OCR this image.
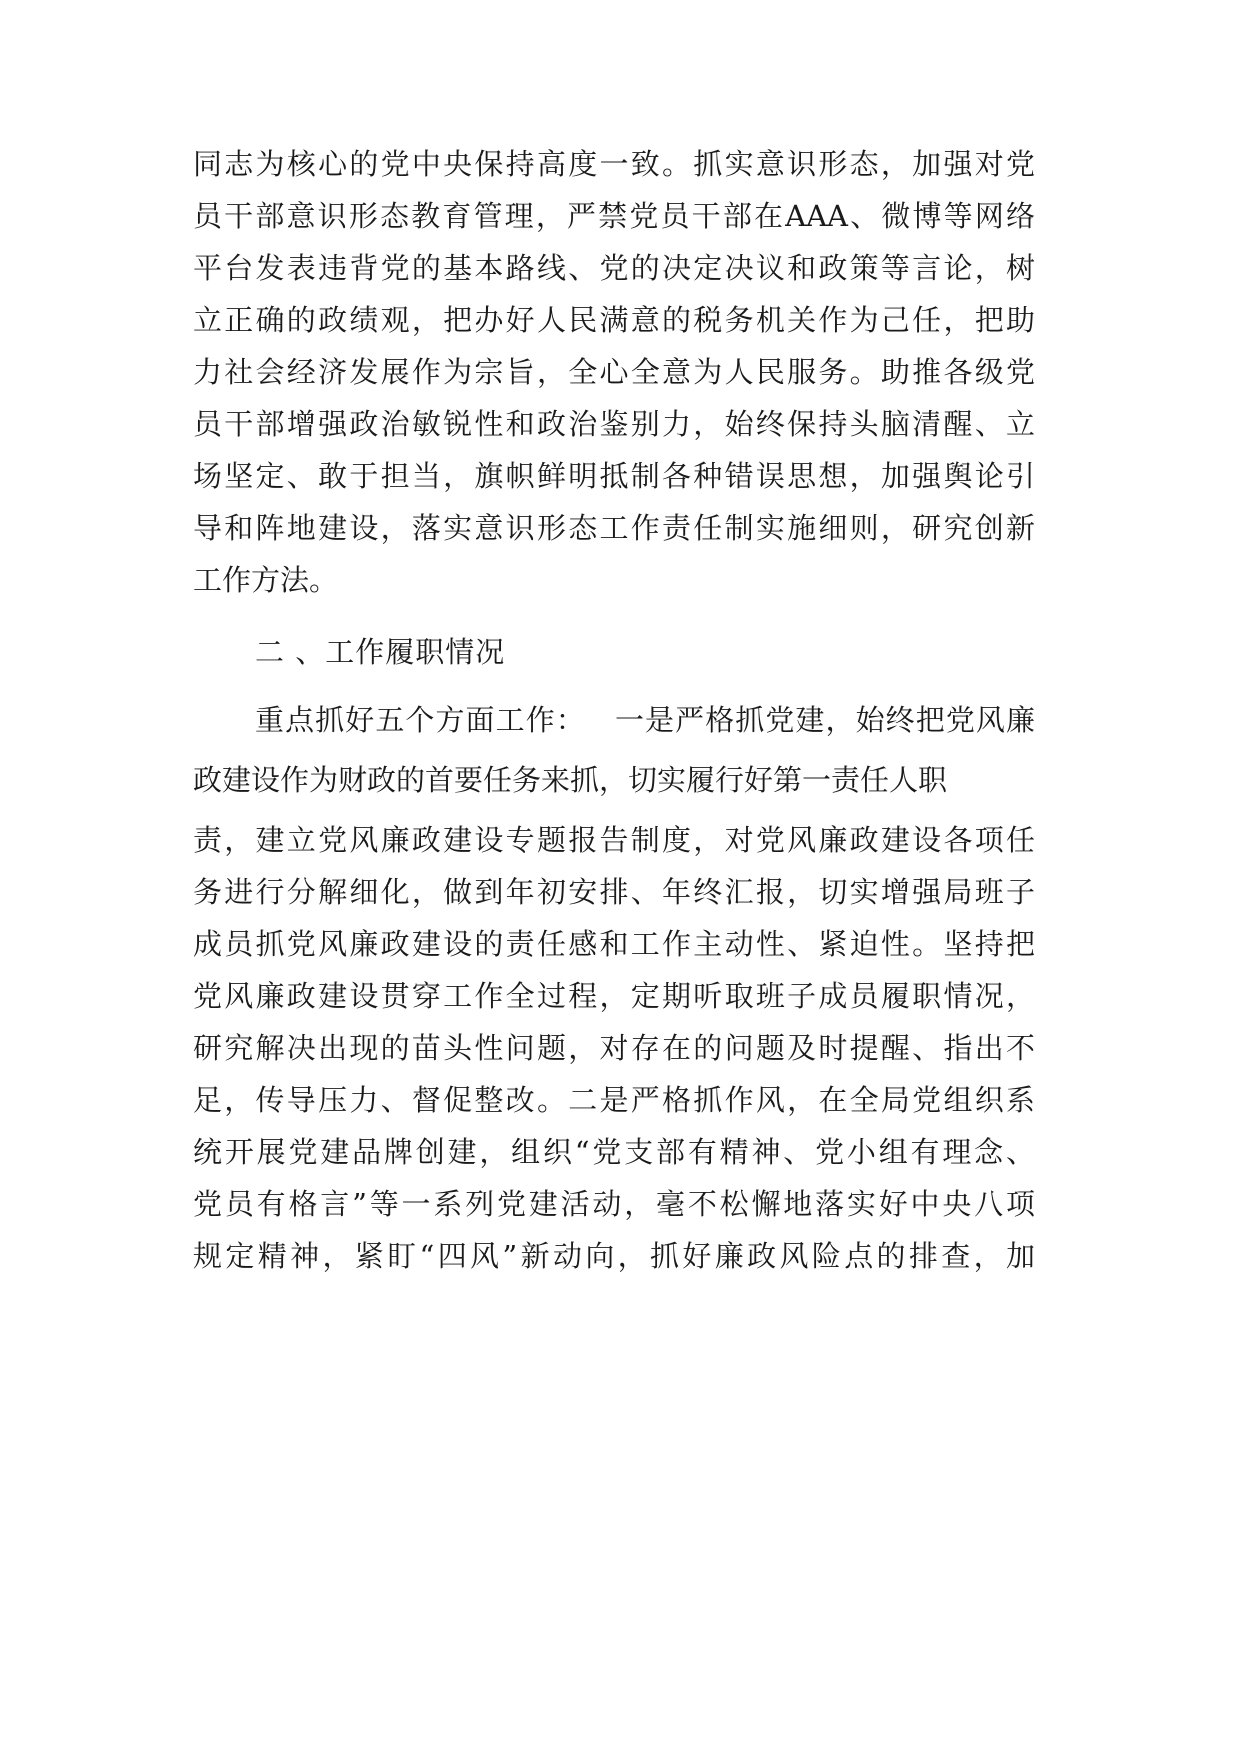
同志为核心的党中央保持高度一致。抓实意识形态，加强对党
员干部意识形态教育管理，严禁党员干部在AAA、微博等网络
平台发表违背党的基本路线、党的决定决议和政策等言论，树
立正确的政绩观，把办好人民满意的税务机关作为己任，把助
力社会经济发展作为宗旨，全心全意为人民服务。助推各级党
员干部增强政治敏锐性和政治鉴别力，始终保持头脑清醒、立
场坚定、敢于担当，旗帜鲜明抵制各种错误思想，加强舆论引
导和阵地建设，落实意识形态工作责任制实施细则，研究创新
工作方法。
二 、工作履职情况
重点抓好五个方面工作： 一是严格抓党建，始终把党风廉
政建设作为财政的首要任务来抓，切实履行好第一责任人职
责，建立党风廉政建设专题报告制度，对党风廉政建设各项任
务进行分解细化，做到年初安排、年终汇报，切实增强局班子
成员抓党风廉政建设的责任感和工作主动性、紧迫性。坚持把
党风廉政建设贯穿工作全过程，定期听取班子成员履职情况，
研究解决出现的苗头性问题，对存在的问题及时提醒、指出不
足，传导压力、督促整改。二是严格抓作风，在全局党组织系
统开展党建品牌创建，组织“党支部有精神、党小组有理念、
党员有格言”等一系列党建活动，毫不松懈地落实好中央八项
规定精神，紧盯“四风”新动向，抓好廉政风险点的排查，加
